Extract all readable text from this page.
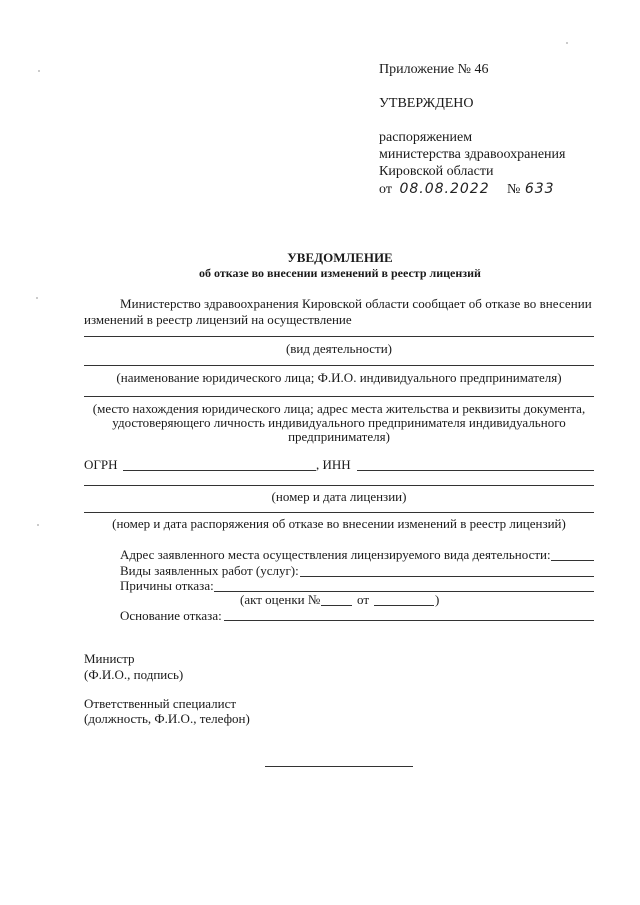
Приложение № 46
УТВЕРЖДЕНО
распоряжением
министерства здравоохранения
Кировской области
от 08.08.2022 № 633
УВЕДОМЛЕНИЕ
об отказе во внесении изменений в реестр лицензий
Министерство здравоохранения Кировской области сообщает об отказе во внесении
изменений в реестр лицензий на осуществление
(вид деятельности)
(наименование юридического лица; Ф.И.О. индивидуального предпринимателя)
(место нахождения юридического лица; адрес места жительства и реквизиты документа,
удостоверяющего личность индивидуального предпринимателя индивидуального
предпринимателя)
ОГРН	, ИНН
(номер и дата лицензии)
(номер и дата распоряжения об отказе во внесении изменений в реестр лицензий)
Адрес заявленного места осуществления лицензируемого вида деятельности:
Виды заявленных работ (услуг):
Причины отказа:
(акт оценки №	от	)
Основание отказа:
Министр
(Ф.И.О., подпись)
Ответственный специалист
(должность, Ф.И.О., телефон)
